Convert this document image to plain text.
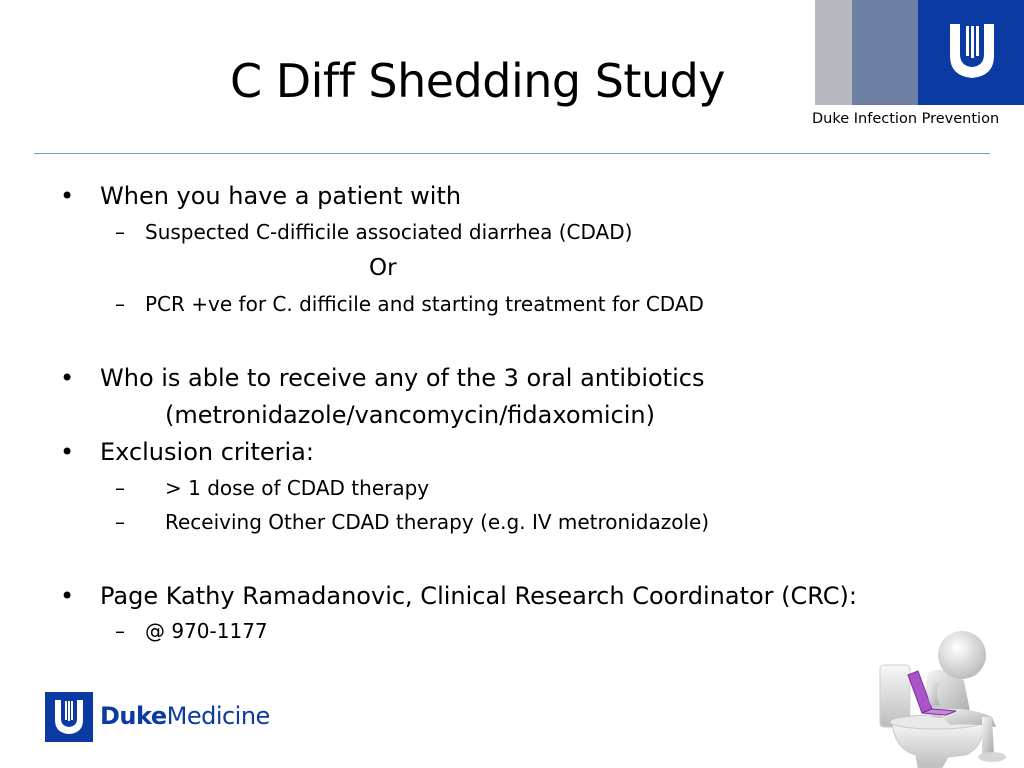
C Diff Shedding Study
Duke Infection Prevention
• When you have a patient with
– Suspected C-difficile associated diarrhea (CDAD)
Or
– PCR +ve for C. difficile and starting treatment for CDAD
• Who is able to receive any of the 3 oral antibiotics
(metronidazole/vancomycin/fidaxomicin)
• Exclusion criteria:
– > 1 dose of CDAD therapy
– Receiving Other CDAD therapy (e.g. IV metronidazole)
• Page Kathy Ramadanovic, Clinical Research Coordinator (CRC):
– @ 970-1177
DukeMedicine
